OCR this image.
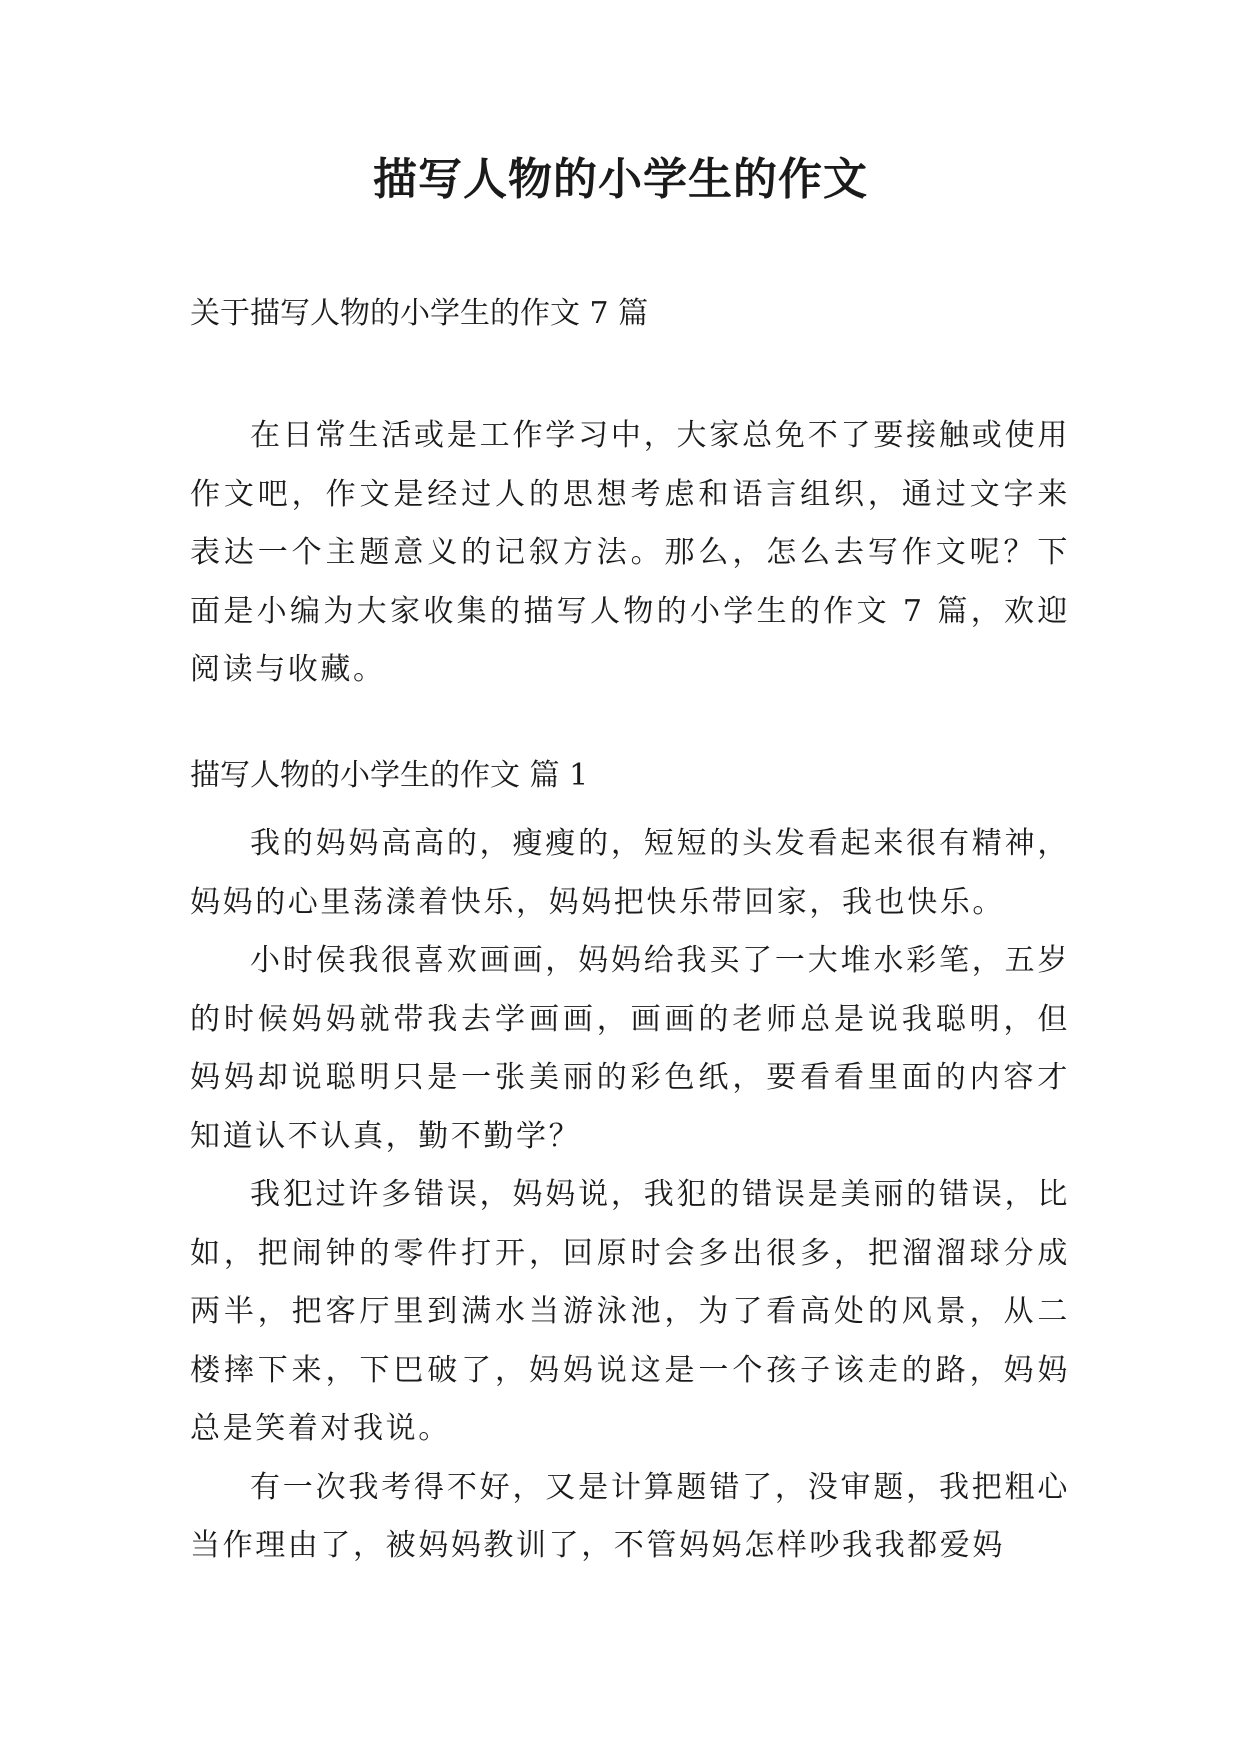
描写人物的小学生的作文

关于描写人物的小学生的作文 7 篇

在日常生活或是工作学习中，大家总免不了要接触或使用作文吧，作文是经过人的思想考虑和语言组织，通过文字来表达一个主题意义的记叙方法。那么，怎么去写作文呢？下面是小编为大家收集的描写人物的小学生的作文 7 篇，欢迎阅读与收藏。

描写人物的小学生的作文 篇 1

我的妈妈高高的，瘦瘦的，短短的头发看起来很有精神，妈妈的心里荡漾着快乐，妈妈把快乐带回家，我也快乐。

小时侯我很喜欢画画，妈妈给我买了一大堆水彩笔，五岁的时候妈妈就带我去学画画，画画的老师总是说我聪明，但妈妈却说聪明只是一张美丽的彩色纸，要看看里面的内容才知道认不认真，勤不勤学？

我犯过许多错误，妈妈说，我犯的错误是美丽的错误，比如，把闹钟的零件打开，回原时会多出很多，把溜溜球分成两半，把客厅里到满水当游泳池，为了看高处的风景，从二楼摔下来，下巴破了，妈妈说这是一个孩子该走的路，妈妈总是笑着对我说。

有一次我考得不好，又是计算题错了，没审题，我把粗心当作理由了，被妈妈教训了，不管妈妈怎样吵我我都爱妈
